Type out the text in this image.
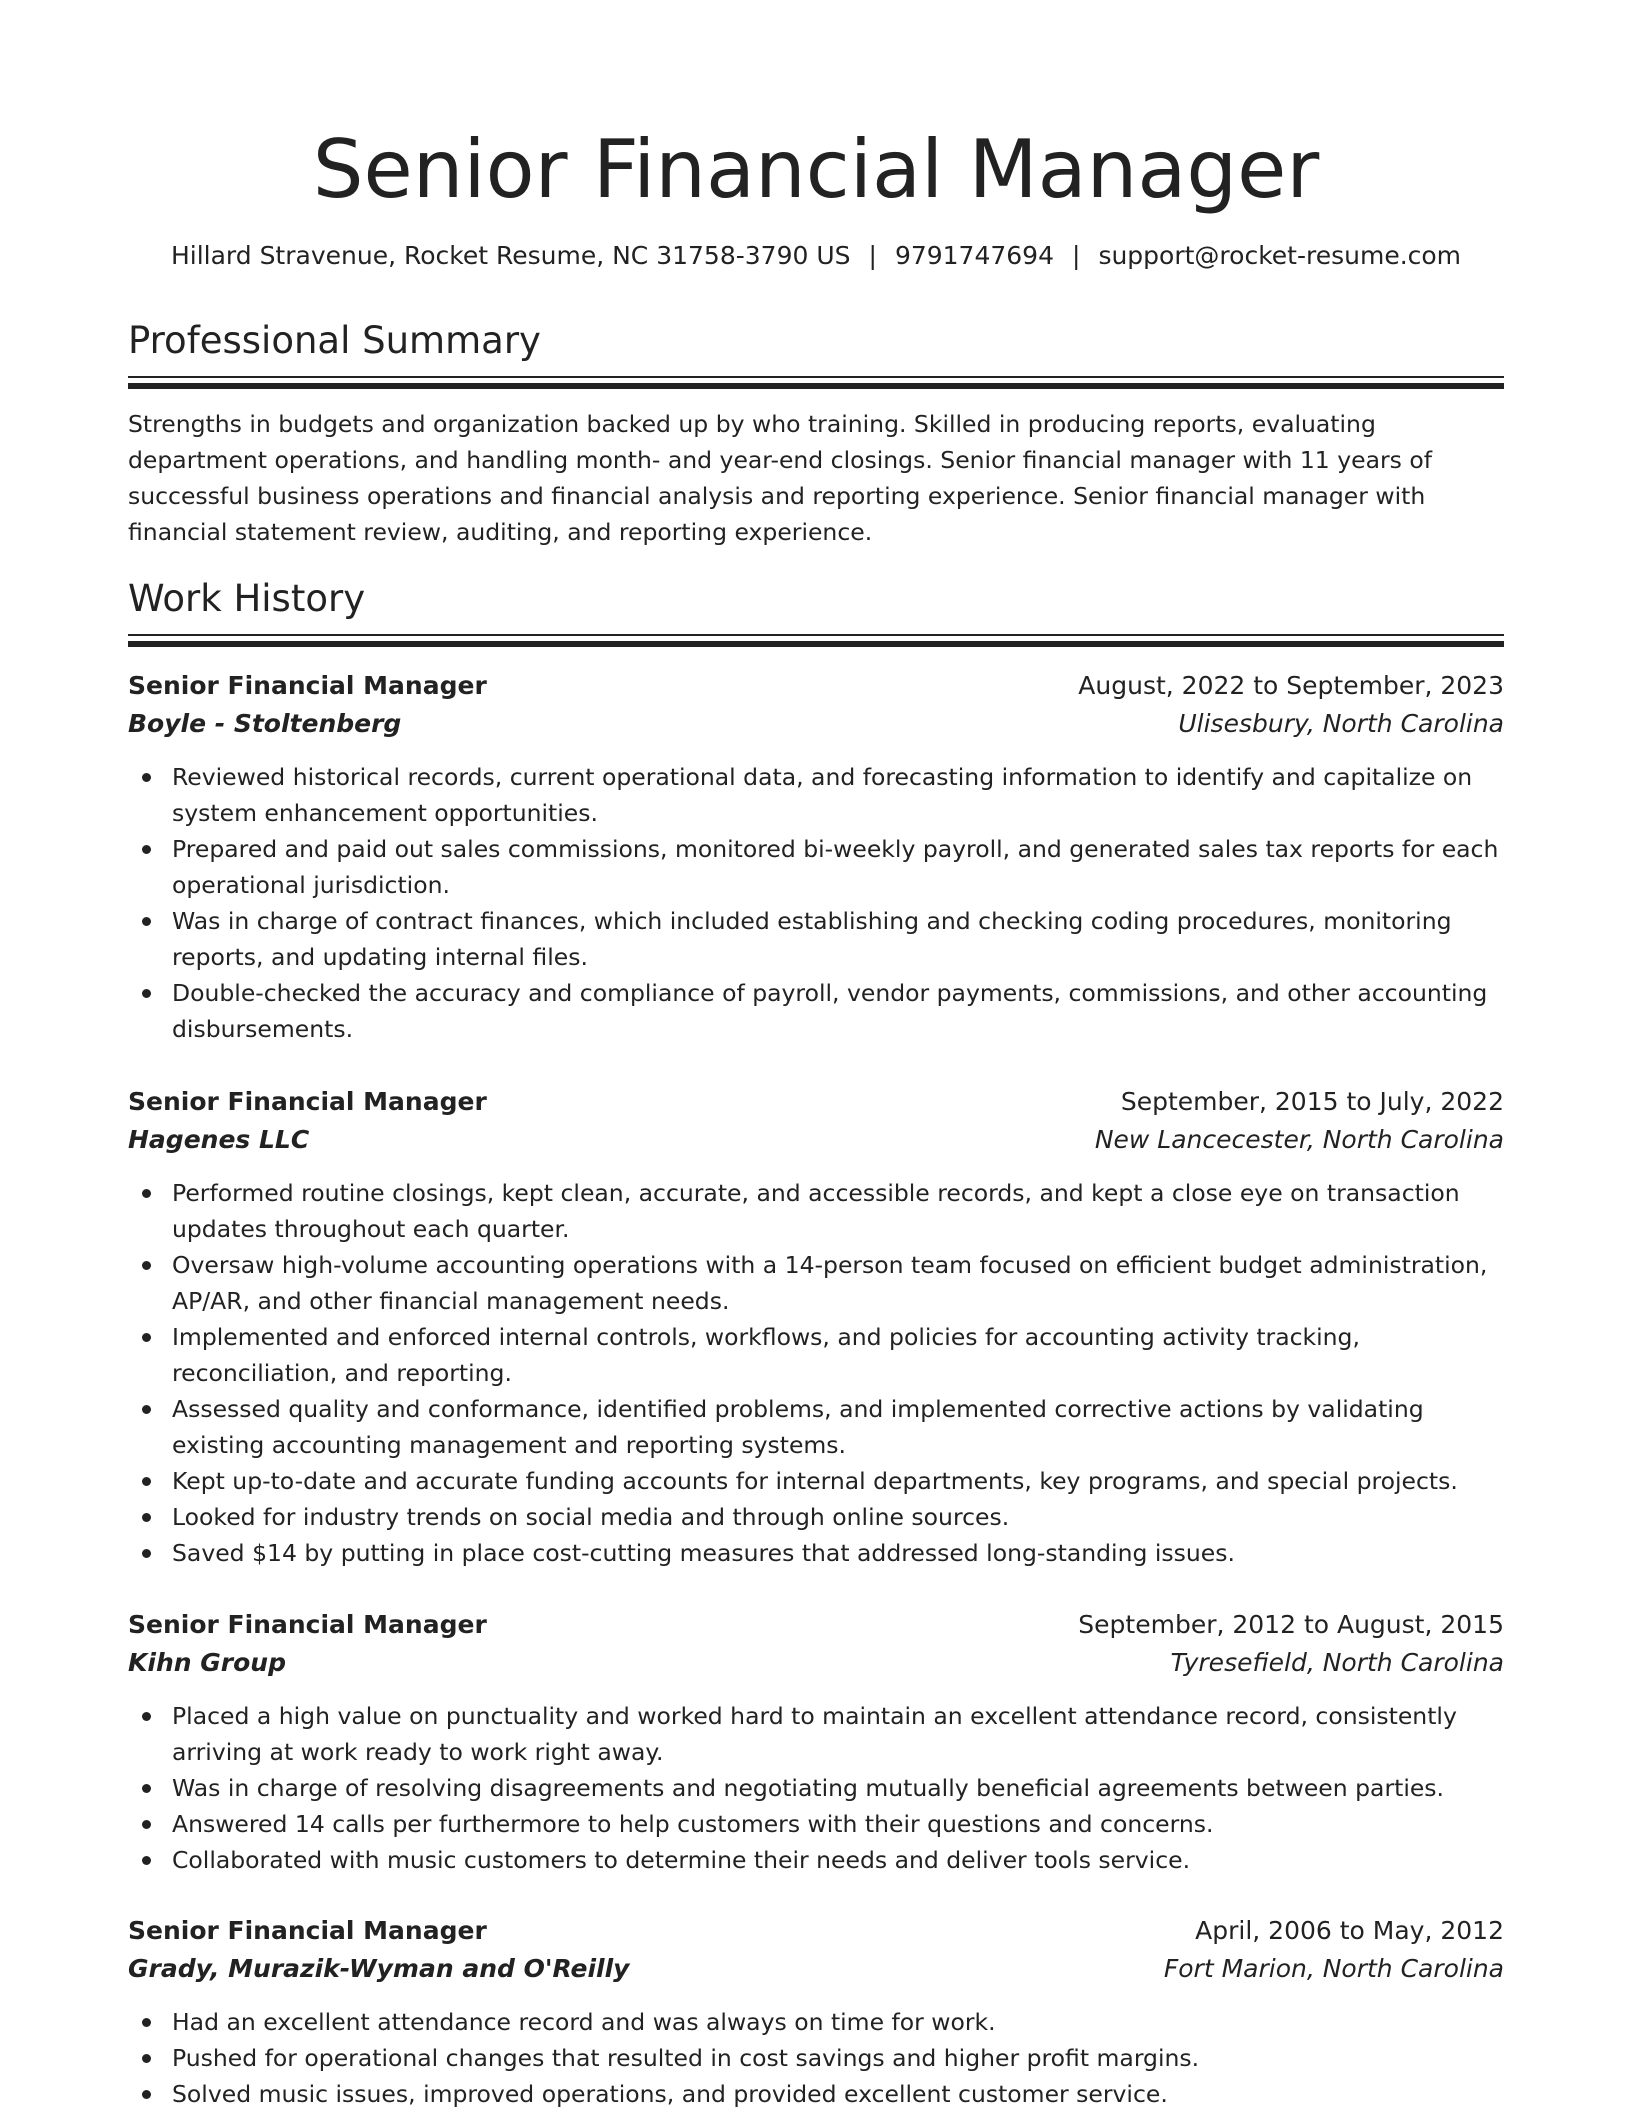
Senior Financial Manager
Hillard Stravenue, Rocket Resume, NC 31758-3790 US | 9791747694 | support@rocket-resume.com
Professional Summary

Strengths in budgets and organization backed up by who training. Skilled in producing reports, evaluating department operations, and handling month- and year-end closings. Senior financial manager with 11 years of successful business operations and financial analysis and reporting experience. Senior financial manager with financial statement review, auditing, and reporting experience.

Work History
Senior Financial Manager	August, 2022 to September, 2023
Boyle - Stoltenberg	Ulisesbury, North Carolina
Reviewed historical records, current operational data, and forecasting information to identify and capitalize on system enhancement opportunities.
Prepared and paid out sales commissions, monitored bi-weekly payroll, and generated sales tax reports for each operational jurisdiction.
Was in charge of contract finances, which included establishing and checking coding procedures, monitoring reports, and updating internal files.
Double-checked the accuracy and compliance of payroll, vendor payments, commissions, and other accounting disbursements.
Senior Financial Manager	September, 2015 to July, 2022
Hagenes LLC	New Lancecester, North Carolina
Performed routine closings, kept clean, accurate, and accessible records, and kept a close eye on transaction updates throughout each quarter.
Oversaw high-volume accounting operations with a 14-person team focused on efficient budget administration, AP/AR, and other financial management needs.
Implemented and enforced internal controls, workflows, and policies for accounting activity tracking, reconciliation, and reporting.
Assessed quality and conformance, identified problems, and implemented corrective actions by validating existing accounting management and reporting systems.
Kept up-to-date and accurate funding accounts for internal departments, key programs, and special projects.
Looked for industry trends on social media and through online sources.
Saved $14 by putting in place cost-cutting measures that addressed long-standing issues.
Senior Financial Manager	September, 2012 to August, 2015
Kihn Group	Tyresefield, North Carolina
Placed a high value on punctuality and worked hard to maintain an excellent attendance record, consistently arriving at work ready to work right away.
Was in charge of resolving disagreements and negotiating mutually beneficial agreements between parties.
Answered 14 calls per furthermore to help customers with their questions and concerns.
Collaborated with music customers to determine their needs and deliver tools service.
Senior Financial Manager	April, 2006 to May, 2012
Grady, Murazik-Wyman and O'Reilly	Fort Marion, North Carolina
Had an excellent attendance record and was always on time for work.
Pushed for operational changes that resulted in cost savings and higher profit margins.
Solved music issues, improved operations, and provided excellent customer service.
